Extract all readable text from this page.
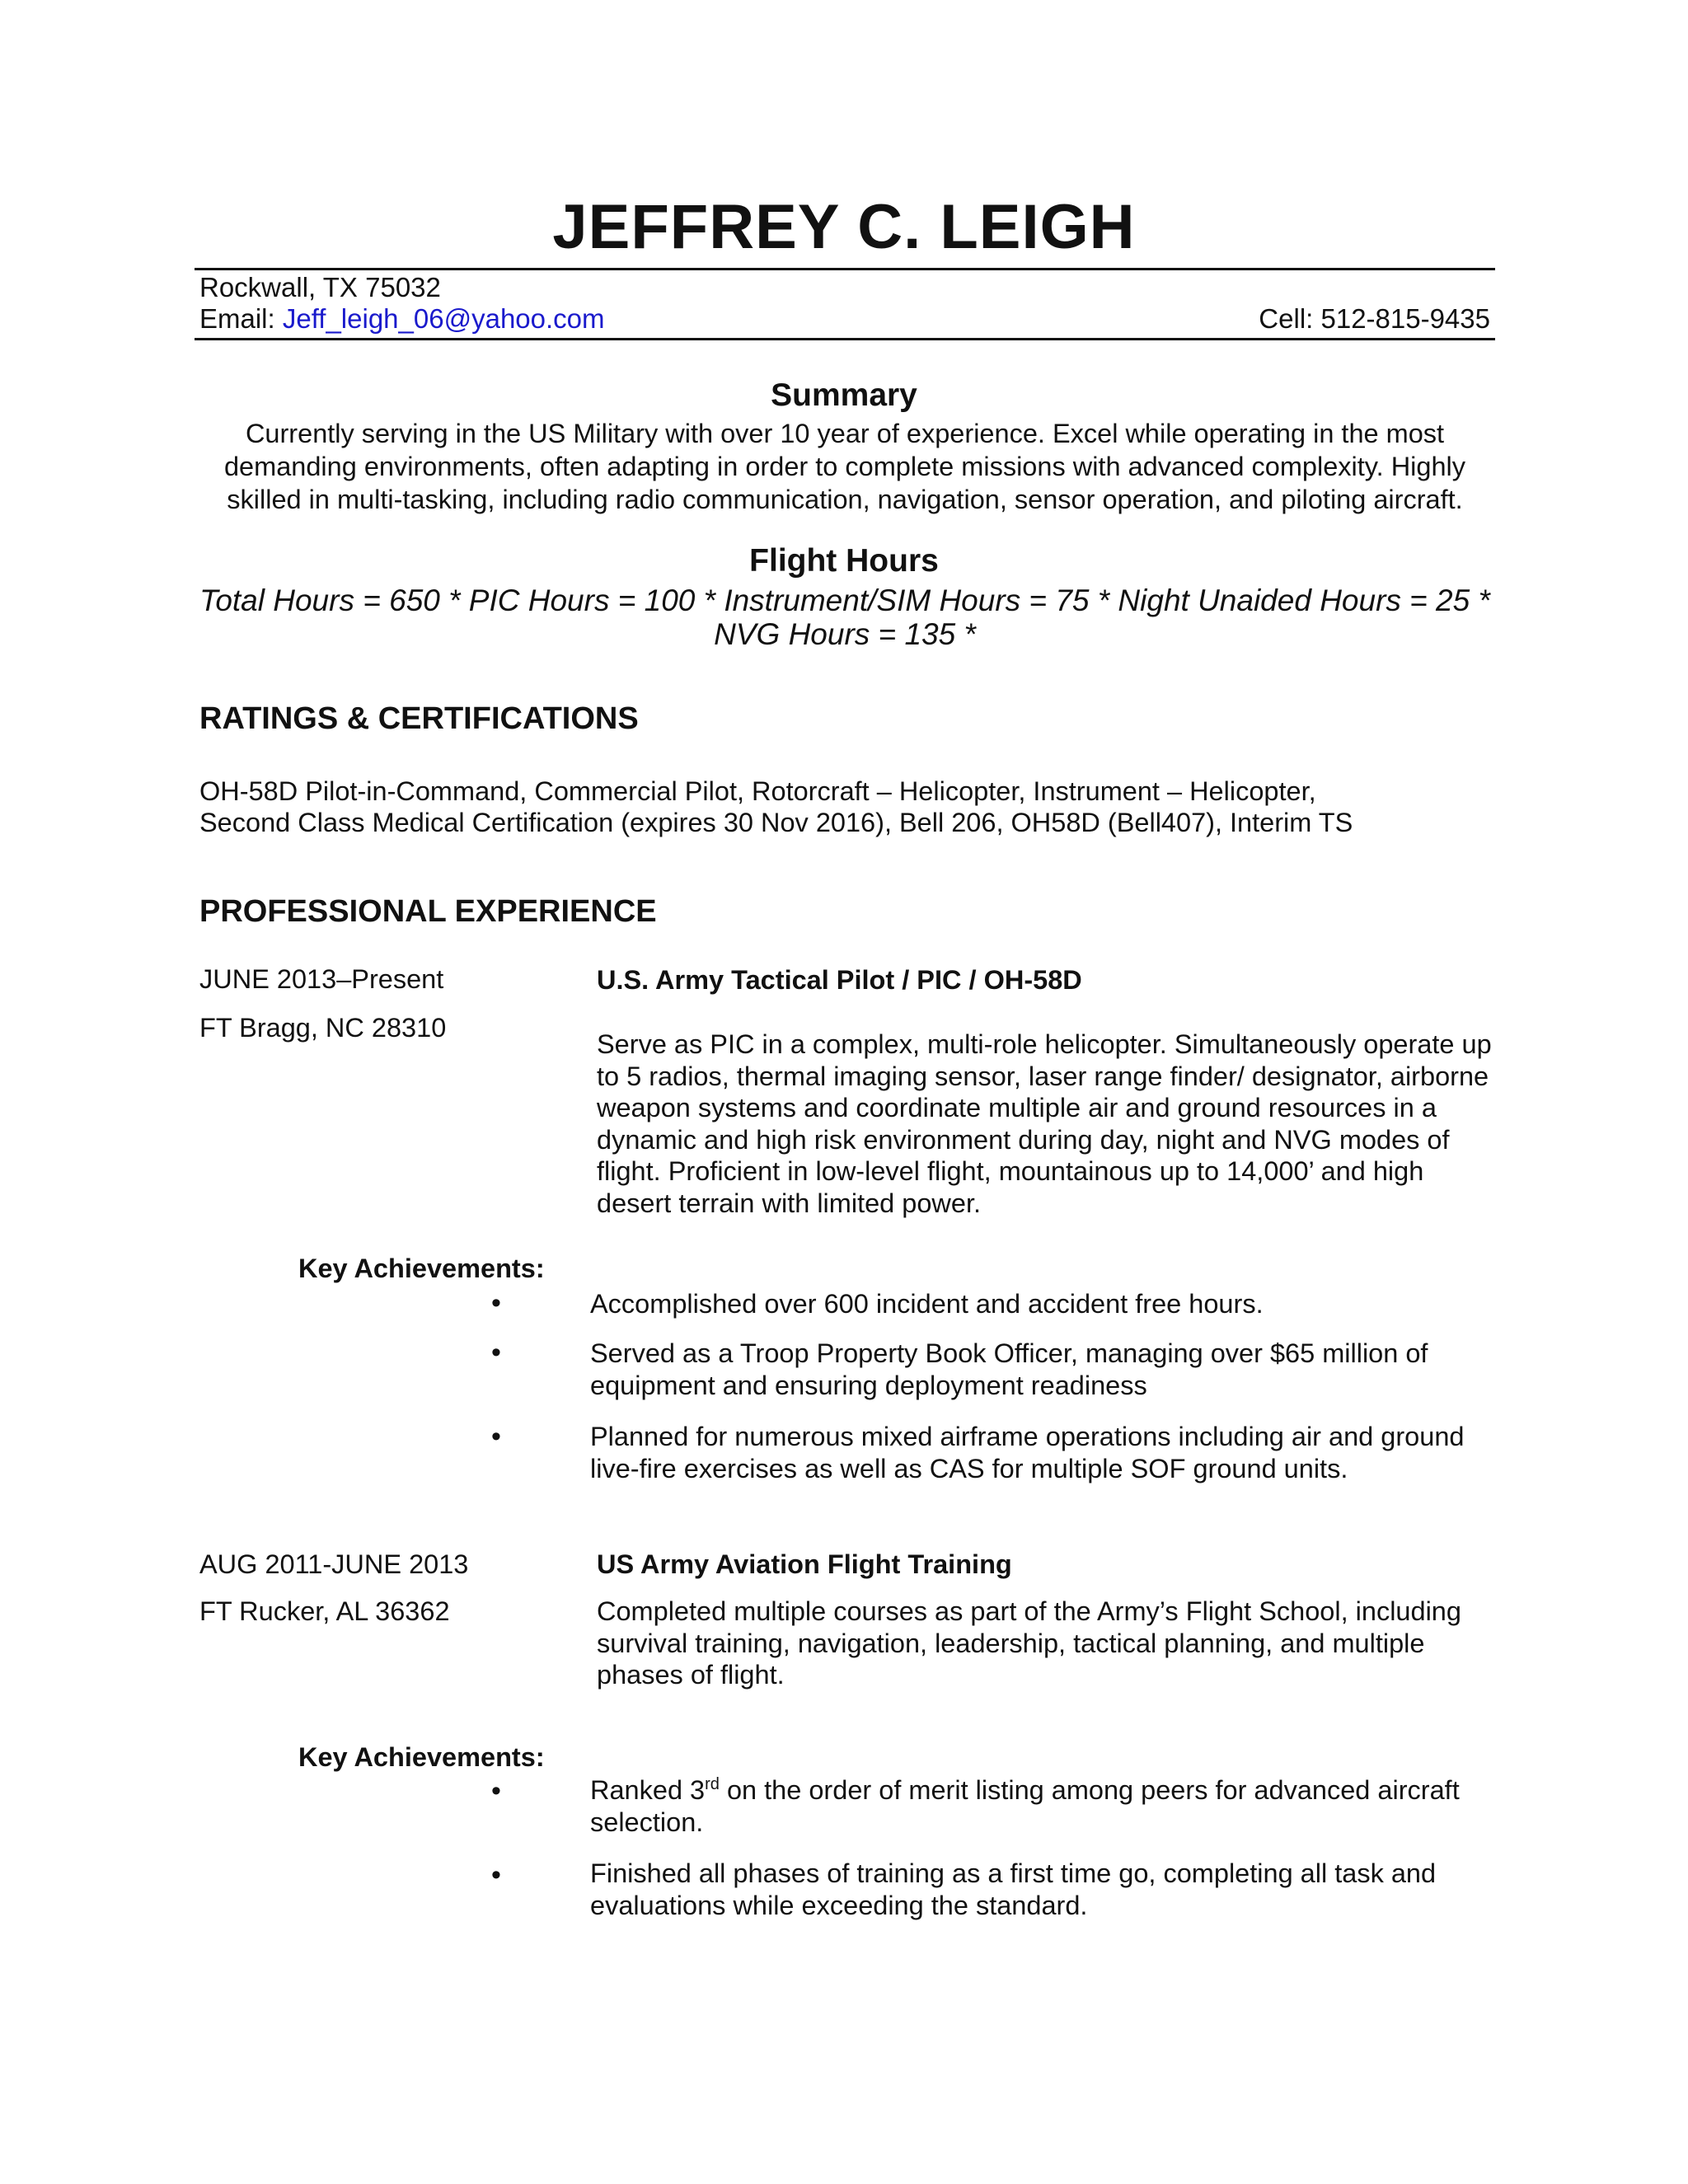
JEFFREY C. LEIGH
Rockwall, TX 75032
Email: Jeff_leigh_06@yahoo.com	Cell: 512-815-9435
Summary
Currently serving in the US Military with over 10 year of experience. Excel while operating in the most demanding environments, often adapting in order to complete missions with advanced complexity. Highly skilled in multi-tasking, including radio communication, navigation, sensor operation, and piloting aircraft.
Flight Hours
Total Hours = 650 * PIC Hours = 100 * Instrument/SIM Hours = 75 * Night Unaided Hours = 25 *
NVG Hours = 135 *
RATINGS & CERTIFICATIONS
OH-58D Pilot-in-Command, Commercial Pilot, Rotorcraft – Helicopter, Instrument – Helicopter,
Second Class Medical Certification (expires 30 Nov 2016), Bell 206, OH58D (Bell407), Interim TS
PROFESSIONAL EXPERIENCE
JUNE 2013–Present
FT Bragg, NC 28310
U.S. Army Tactical Pilot / PIC / OH-58D
Serve as PIC in a complex, multi-role helicopter. Simultaneously operate up to 5 radios, thermal imaging sensor, laser range finder/ designator, airborne weapon systems and coordinate multiple air and ground resources in a dynamic and high risk environment during day, night and NVG modes of flight. Proficient in low-level flight, mountainous up to 14,000’ and high desert terrain with limited power.
Key Achievements:
•	Accomplished over 600 incident and accident free hours.
•	Served as a Troop Property Book Officer, managing over $65 million of equipment and ensuring deployment readiness
•	Planned for numerous mixed airframe operations including air and ground live-fire exercises as well as CAS for multiple SOF ground units.
AUG 2011-JUNE 2013
FT Rucker, AL 36362
US Army Aviation Flight Training
Completed multiple courses as part of the Army’s Flight School, including survival training, navigation, leadership, tactical planning, and multiple phases of flight.
Key Achievements:
•	Ranked 3rd on the order of merit listing among peers for advanced aircraft selection.
•	Finished all phases of training as a first time go, completing all task and evaluations while exceeding the standard.
